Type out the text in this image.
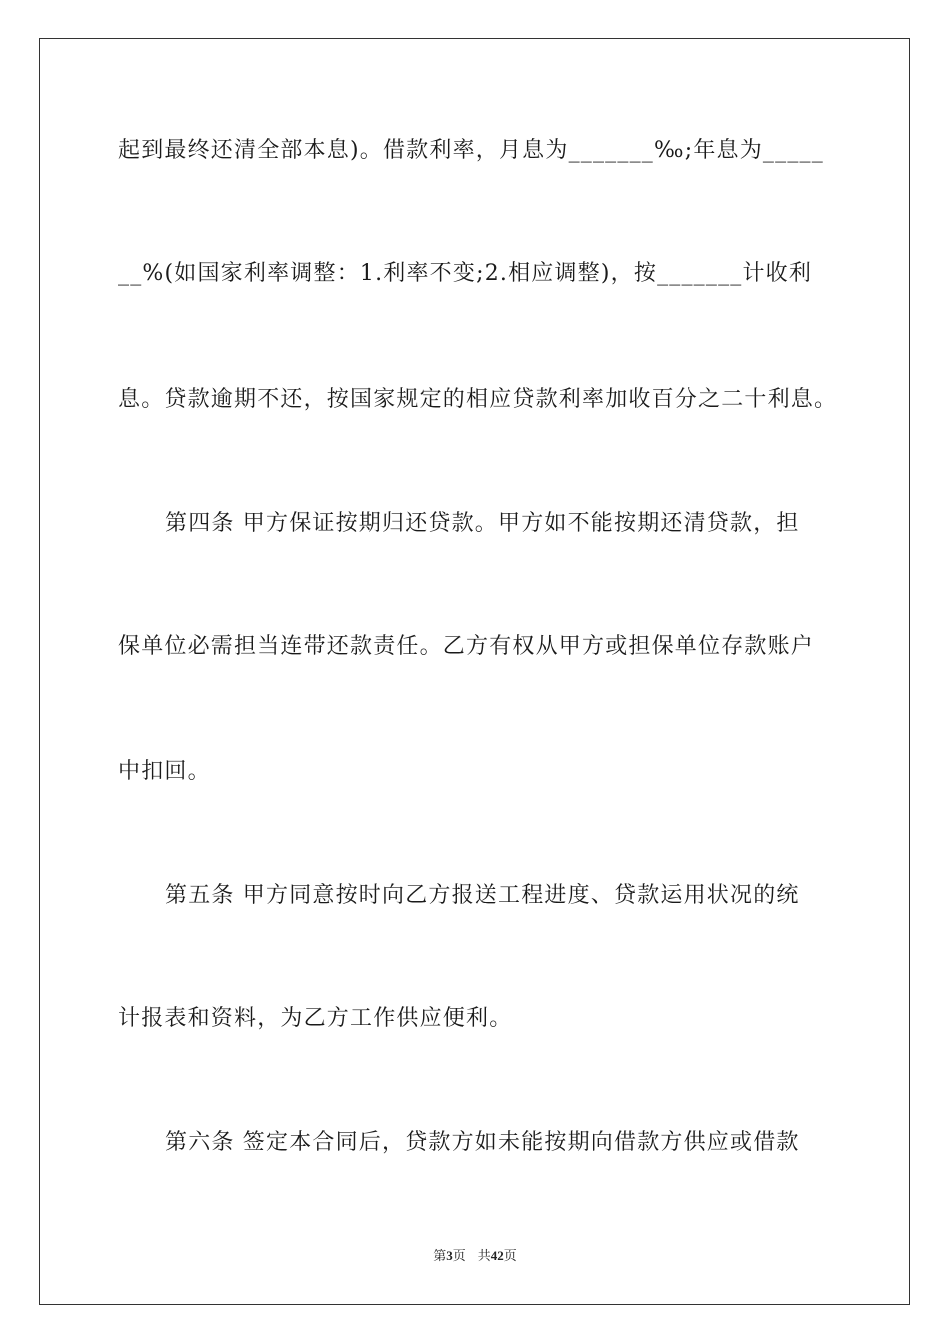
起到最终还清全部本息)。借款利率，月息为_______‰;年息为_____
__%(如国家利率调整：1.利率不变;2.相应调整)，按_______计收利
息。贷款逾期不还，按国家规定的相应贷款利率加收百分之二十利息。
第四条 甲方保证按期归还贷款。甲方如不能按期还清贷款，担
保单位必需担当连带还款责任。乙方有权从甲方或担保单位存款账户
中扣回。
第五条 甲方同意按时向乙方报送工程进度、贷款运用状况的统
计报表和资料，为乙方工作供应便利。
第六条 签定本合同后，贷款方如未能按期向借款方供应或借款
第3页 共42页
